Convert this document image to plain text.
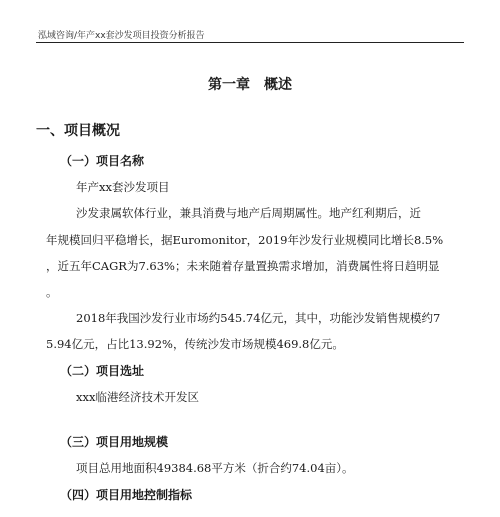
泓域咨询/年产xx套沙发项目投资分析报告
第一章　概述
一、项目概况
（一）项目名称
年产xx套沙发项目
沙发隶属软体行业，兼具消费与地产后周期属性。地产红利期后，近
年规模回归平稳增长，据Euromonitor，2019年沙发行业规模同比增长8.5%
，近五年CAGR为7.63%；未来随着存量置换需求增加，消费属性将日趋明显
。
2018年我国沙发行业市场约545.74亿元，其中，功能沙发销售规模约7
5.94亿元，占比13.92%，传统沙发市场规模469.8亿元。
（二）项目选址
xxx临港经济技术开发区
（三）项目用地规模
项目总用地面积49384.68平方米（折合约74.04亩）。
（四）项目用地控制指标
